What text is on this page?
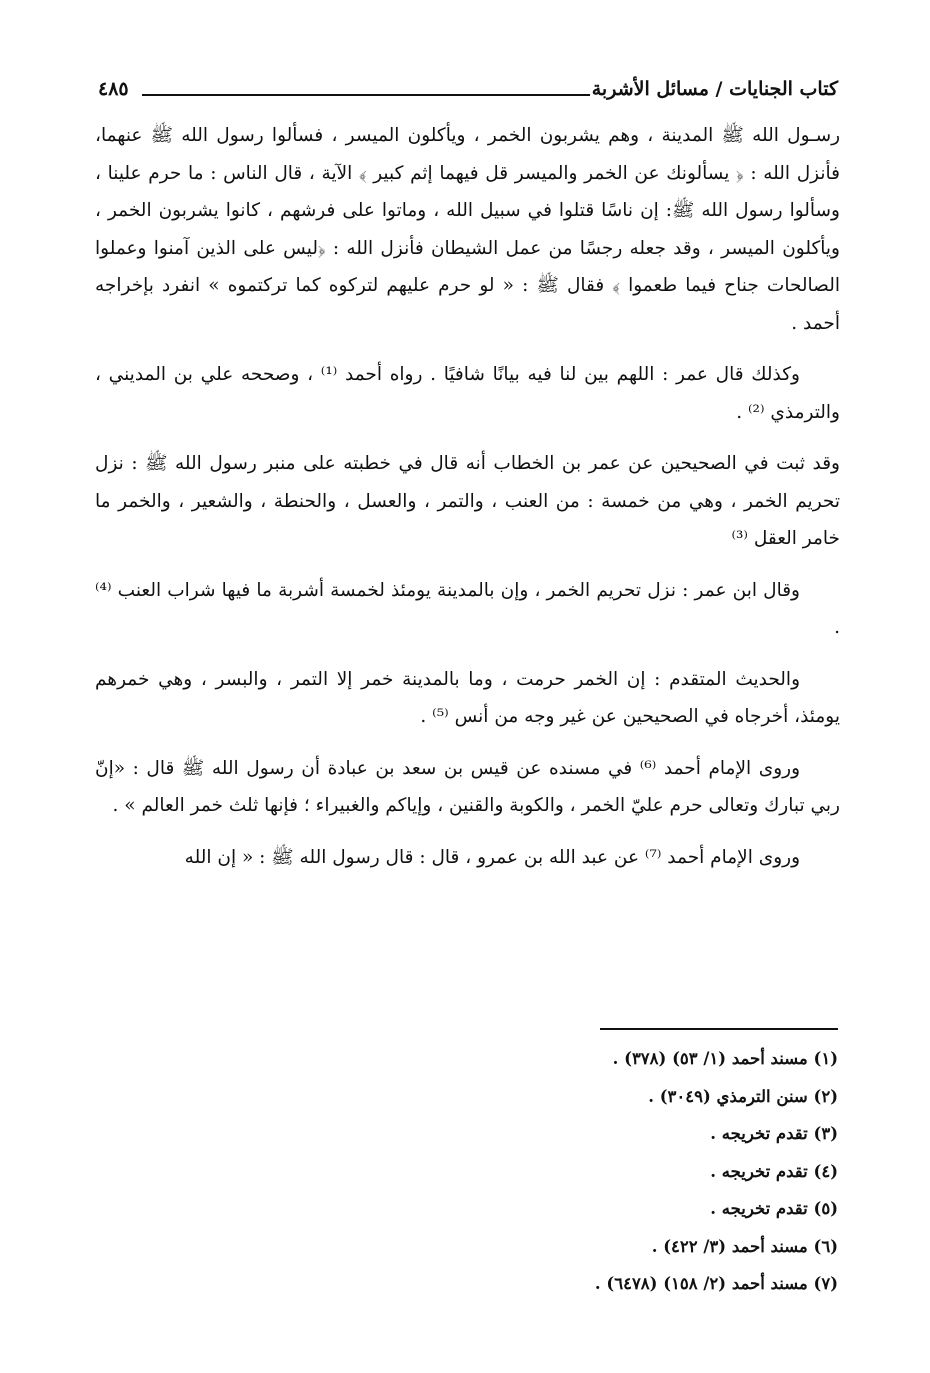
كتاب الجنايات / مسائل الأشربة
٤٨٥

رسـول الله ﷺ المدينة ، وهم يشربون الخمر ، ويأكلون الميسر ، فسألوا رسول الله ﷺ عنهما، فأنزل الله : ﴿ يسألونك عن الخمر والميسر قل فيهما إثم كبير ﴾ الآية ، قال الناس : ما حرم علينا ، وسألوا رسول الله ﷺ: إن ناسًا قتلوا في سبيل الله ، وماتوا على فرشهم ، كانوا يشربون الخمر ، ويأكلون الميسر ، وقد جعله رجسًا من عمل الشيطان فأنزل الله : ﴿ليس على الذين آمنوا وعملوا الصالحات جناح فيما طعموا ﴾ فقال ﷺ : « لو حرم عليهم لتركوه كما تركتموه » انفرد بإخراجه أحمد .

وكذلك قال عمر : اللهم بين لنا فيه بيانًا شافيًا . رواه أحمد ⁽¹⁾ ، وصححه علي بن المديني ، والترمذي ⁽²⁾ .

وقد ثبت في الصحيحين عن عمر بن الخطاب أنه قال في خطبته على منبر رسول الله ﷺ : نزل تحريم الخمر ، وهي من خمسة : من العنب ، والتمر ، والعسل ، والحنطة ، والشعير ، والخمر ما خامر العقل ⁽³⁾

وقال ابن عمر : نزل تحريم الخمر ، وإن بالمدينة يومئذ لخمسة أشربة ما فيها شراب العنب ⁽⁴⁾ .

والحديث المتقدم : إن الخمر حرمت ، وما بالمدينة خمر إلا التمر ، والبسر ، وهي خمرهم يومئذ، أخرجاه في الصحيحين عن غير وجه من أنس ⁽⁵⁾ .

وروى الإمام أحمد ⁽⁶⁾ في مسنده عن قيس بن سعد بن عبادة أن رسول الله ﷺ قال : «إنّ ربي تبارك وتعالى حرم عليّ الخمر ، والكوبة والقنين ، وإياكم والغبيراء ؛ فإنها ثلث خمر العالم » .

وروى الإمام أحمد ⁽⁷⁾ عن عبد الله بن عمرو ، قال : قال رسول الله ﷺ : « إن الله

(١) مسند أحمد (١/ ٥٣) (٣٧٨) .
(٢) سنن الترمذي (٣٠٤٩) .
(٣) تقدم تخريجه .
(٤) تقدم تخريجه .
(٥) تقدم تخريجه .
(٦) مسند أحمد (٣/ ٤٢٢) .
(٧) مسند أحمد (٢/ ١٥٨) (٦٤٧٨) .
